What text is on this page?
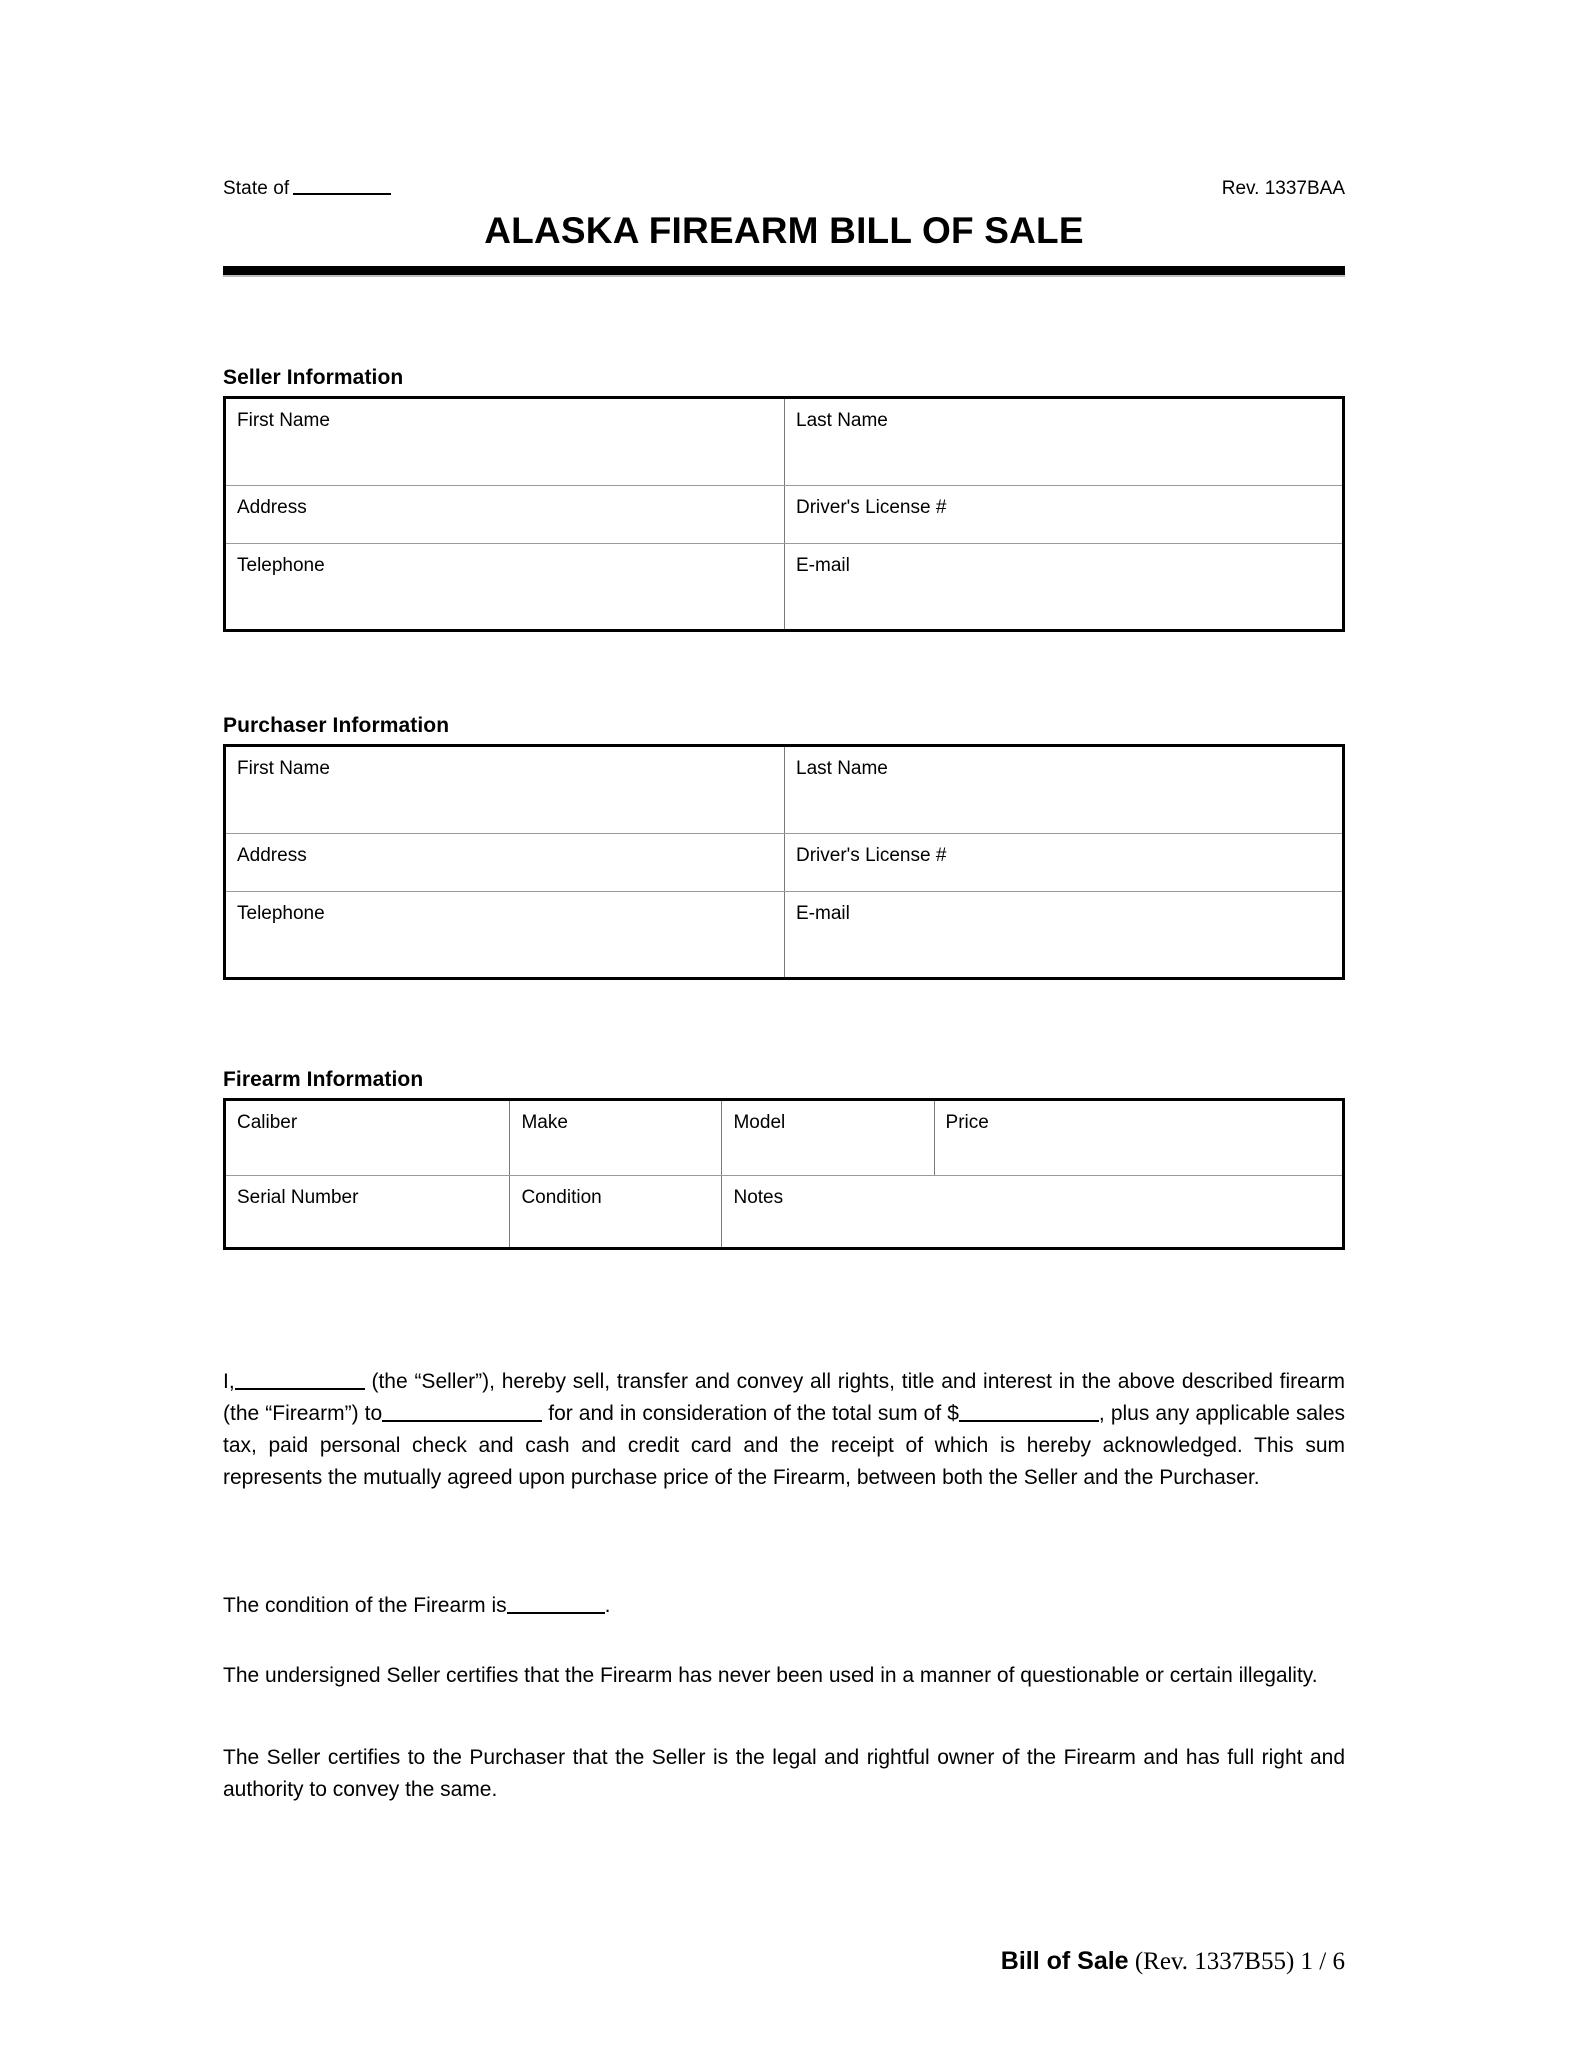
State of	Rev. 1337BAA
ALASKA FIREARM BILL OF SALE
Seller Information
First Name	Last Name
Address	Driver's License #
Telephone	E-mail
Purchaser Information
First Name	Last Name
Address	Driver's License #
Telephone	E-mail
Firearm Information
Caliber	Make	Model	Price
Serial Number	Condition	Notes
I,	(the “Seller”), hereby sell, transfer and convey all rights, title and interest in the above described firearm (the “Firearm”) to	for and in consideration of the total sum of $	, plus any applicable sales tax, paid personal check and cash and credit card and the receipt of which is hereby acknowledged. This sum represents the mutually agreed upon purchase price of the Firearm, between both the Seller and the Purchaser.
The condition of the Firearm is	.
The undersigned Seller certifies that the Firearm has never been used in a manner of questionable or certain illegality.
The Seller certifies to the Purchaser that the Seller is the legal and rightful owner of the Firearm and has full right and authority to convey the same.
Bill of Sale (Rev. 1337B55) 1 / 6
